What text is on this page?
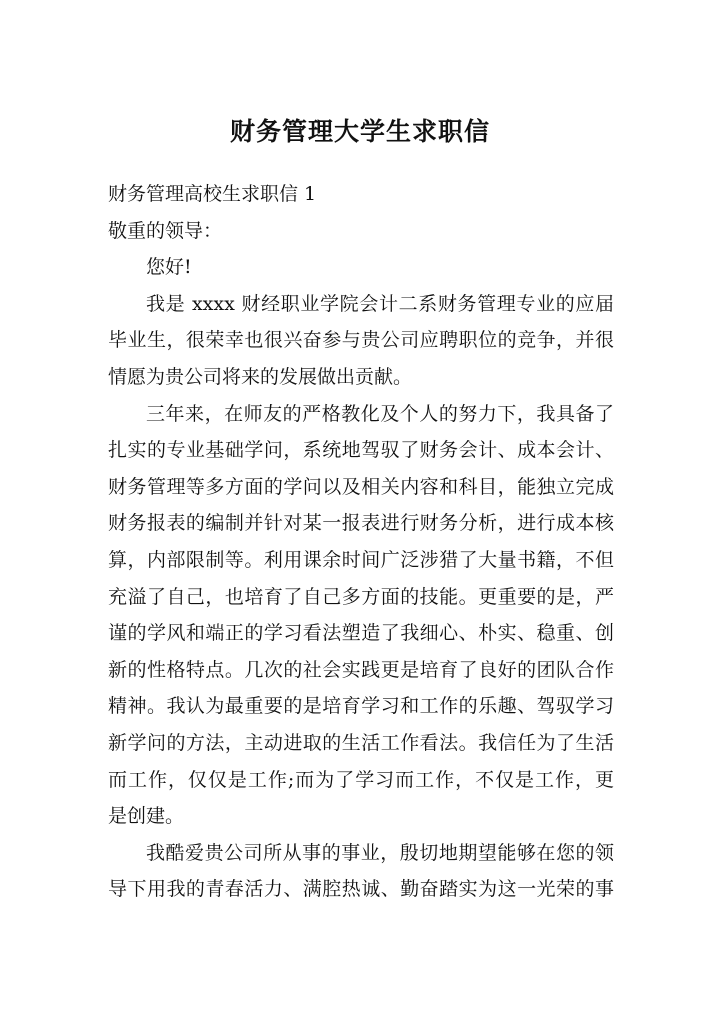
财务管理大学生求职信
财务管理高校生求职信 1
敬重的领导：
您好!
我是 xxxx 财经职业学院会计二系财务管理专业的应届
毕业生，很荣幸也很兴奋参与贵公司应聘职位的竞争，并很
情愿为贵公司将来的发展做出贡献。
三年来，在师友的严格教化及个人的努力下，我具备了
扎实的专业基础学问，系统地驾驭了财务会计、成本会计、
财务管理等多方面的学问以及相关内容和科目，能独立完成
财务报表的编制并针对某一报表进行财务分析，进行成本核
算，内部限制等。利用课余时间广泛涉猎了大量书籍，不但
充溢了自己，也培育了自己多方面的技能。更重要的是，严
谨的学风和端正的学习看法塑造了我细心、朴实、稳重、创
新的性格特点。几次的社会实践更是培育了良好的团队合作
精神。我认为最重要的是培育学习和工作的乐趣、驾驭学习
新学问的方法，主动进取的生活工作看法。我信任为了生活
而工作，仅仅是工作;而为了学习而工作，不仅是工作，更
是创建。
我酷爱贵公司所从事的事业，殷切地期望能够在您的领
导下用我的青春活力、满腔热诚、勤奋踏实为这一光荣的事
